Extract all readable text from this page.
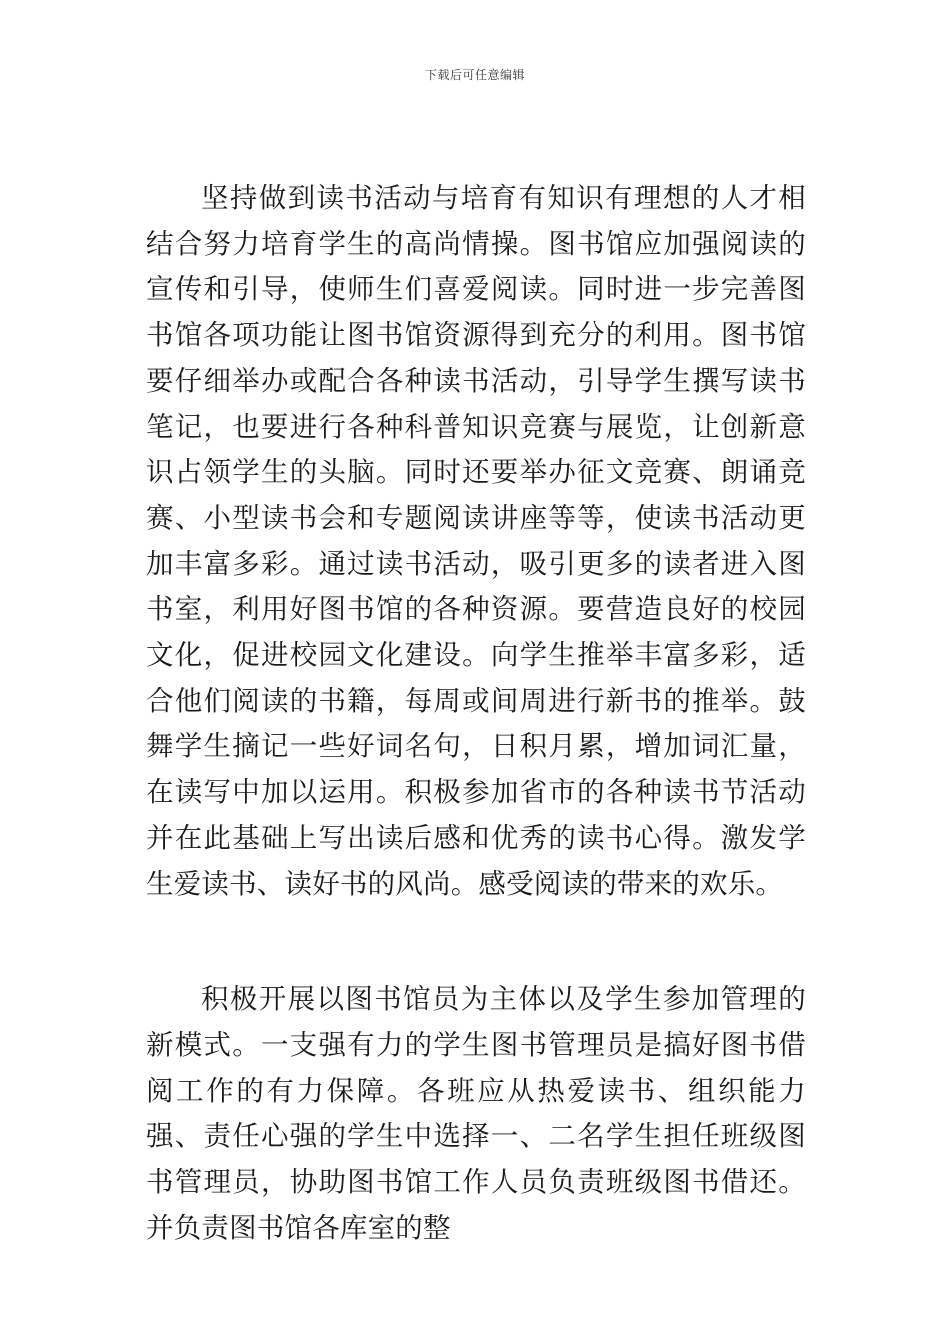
下载后可任意编辑

坚持做到读书活动与培育有知识有理想的人才相结合努力培育学生的高尚情操。图书馆应加强阅读的宣传和引导，使师生们喜爱阅读。同时进一步完善图书馆各项功能让图书馆资源得到充分的利用。图书馆要仔细举办或配合各种读书活动，引导学生撰写读书笔记，也要进行各种科普知识竞赛与展览，让创新意识占领学生的头脑。同时还要举办征文竞赛、朗诵竞赛、小型读书会和专题阅读讲座等等，使读书活动更加丰富多彩。通过读书活动，吸引更多的读者进入图书室，利用好图书馆的各种资源。要营造良好的校园文化，促进校园文化建设。向学生推举丰富多彩，适合他们阅读的书籍，每周或间周进行新书的推举。鼓舞学生摘记一些好词名句，日积月累，增加词汇量，在读写中加以运用。积极参加省市的各种读书节活动并在此基础上写出读后感和优秀的读书心得。激发学生爱读书、读好书的风尚。感受阅读的带来的欢乐。

积极开展以图书馆员为主体以及学生参加管理的新模式。一支强有力的学生图书管理员是搞好图书借阅工作的有力保障。各班应从热爱读书、组织能力强、责任心强的学生中选择一、二名学生担任班级图书管理员，协助图书馆工作人员负责班级图书借还。并负责图书馆各库室的整
